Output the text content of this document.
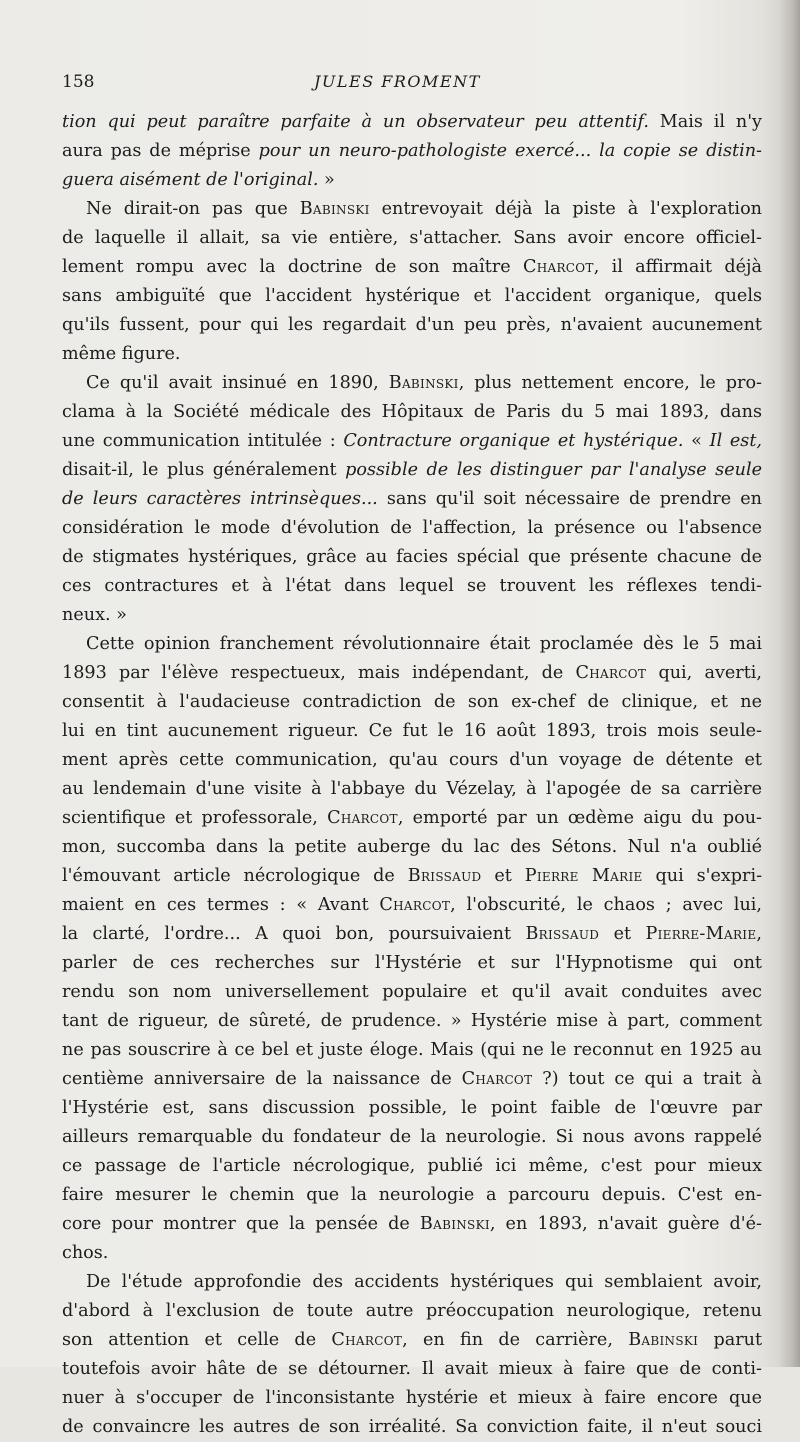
158	JULES FROMENT
tion qui peut paraître parfaite à un observateur peu attentif. Mais il n'y
aura pas de méprise pour un neuro-pathologiste exercé... la copie se distin-
guera aisément de l'original. »
Ne dirait-on pas que Babinski entrevoyait déjà la piste à l'exploration
de laquelle il allait, sa vie entière, s'attacher. Sans avoir encore officiel-
lement rompu avec la doctrine de son maître Charcot, il affirmait déjà
sans ambiguïté que l'accident hystérique et l'accident organique, quels
qu'ils fussent, pour qui les regardait d'un peu près, n'avaient aucunement
même figure.
Ce qu'il avait insinué en 1890, Babinski, plus nettement encore, le pro-
clama à la Société médicale des Hôpitaux de Paris du 5 mai 1893, dans
une communication intitulée : Contracture organique et hystérique. « Il est,
disait-il, le plus généralement possible de les distinguer par l'analyse seule
de leurs caractères intrinsèques... sans qu'il soit nécessaire de prendre en
considération le mode d'évolution de l'affection, la présence ou l'absence
de stigmates hystériques, grâce au facies spécial que présente chacune de
ces contractures et à l'état dans lequel se trouvent les réflexes tendi-
neux. »
Cette opinion franchement révolutionnaire était proclamée dès le 5 mai
1893 par l'élève respectueux, mais indépendant, de Charcot qui, averti,
consentit à l'audacieuse contradiction de son ex-chef de clinique, et ne
lui en tint aucunement rigueur. Ce fut le 16 août 1893, trois mois seule-
ment après cette communication, qu'au cours d'un voyage de détente et
au lendemain d'une visite à l'abbaye du Vézelay, à l'apogée de sa carrière
scientifique et professorale, Charcot, emporté par un œdème aigu du pou-
mon, succomba dans la petite auberge du lac des Sétons. Nul n'a oublié
l'émouvant article nécrologique de Brissaud et Pierre Marie qui s'expri-
maient en ces termes : « Avant Charcot, l'obscurité, le chaos ; avec lui,
la clarté, l'ordre... A quoi bon, poursuivaient Brissaud et Pierre-Marie,
parler de ces recherches sur l'Hystérie et sur l'Hypnotisme qui ont
rendu son nom universellement populaire et qu'il avait conduites avec
tant de rigueur, de sûreté, de prudence. » Hystérie mise à part, comment
ne pas souscrire à ce bel et juste éloge. Mais (qui ne le reconnut en 1925 au
centième anniversaire de la naissance de Charcot ?) tout ce qui a trait à
l'Hystérie est, sans discussion possible, le point faible de l'œuvre par
ailleurs remarquable du fondateur de la neurologie. Si nous avons rappelé
ce passage de l'article nécrologique, publié ici même, c'est pour mieux
faire mesurer le chemin que la neurologie a parcouru depuis. C'est en-
core pour montrer que la pensée de Babinski, en 1893, n'avait guère d'é-
chos.
De l'étude approfondie des accidents hystériques qui semblaient avoir,
d'abord à l'exclusion de toute autre préoccupation neurologique, retenu
son attention et celle de Charcot, en fin de carrière, Babinski parut
toutefois avoir hâte de se détourner. Il avait mieux à faire que de conti-
nuer à s'occuper de l'inconsistante hystérie et mieux à faire encore que
de convaincre les autres de son irréalité. Sa conviction faite, il n'eut souci
